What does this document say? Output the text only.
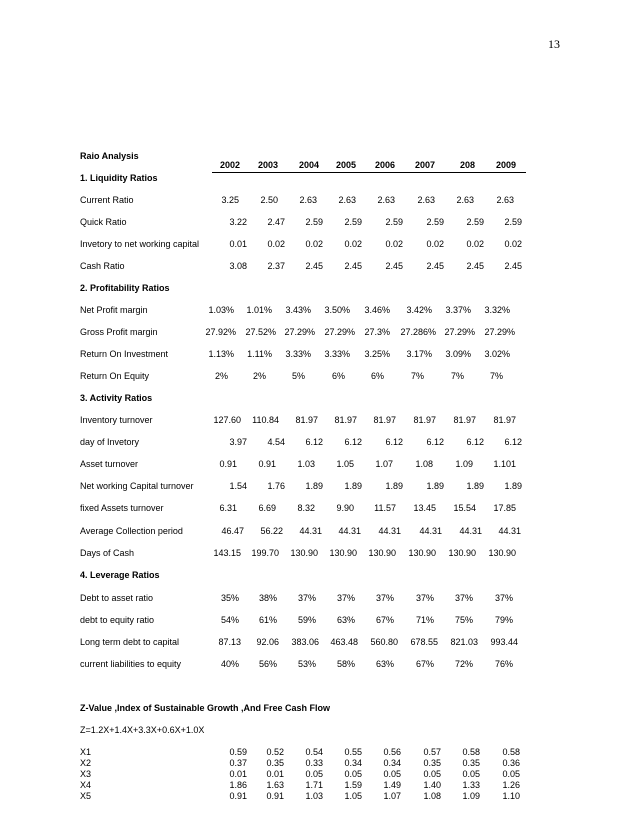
13
Raio Analysis
2002	2003	2004	2005	2006	2007	208	2009
1. Liquidity Ratios
Current Ratio	3.25	2.50	2.63	2.63	2.63	2.63	2.63	2.63
Quick Ratio	3.22	2.47	2.59	2.59	2.59	2.59	2.59	2.59
Invetory to net working capital	0.01	0.02	0.02	0.02	0.02	0.02	0.02	0.02
Cash Ratio	3.08	2.37	2.45	2.45	2.45	2.45	2.45	2.45
2. Profitability Ratios
Net Profit margin	1.03%	1.01%	3.43%	3.50%	3.46%	3.42%	3.37%	3.32%
Gross Profit margin	27.92%	27.52% 27.29%	27.29%	27.3%	27.286% 27.29%	27.29%
Return On Investment	1.13%	1.11%	3.33%	3.33%	3.25%	3.17%	3.09%	3.02%
Return On Equity	2%	2%	5%	6%	6%	7%	7%	7%
3. Activity Ratios
Inventory turnover	127.60	110.84	81.97	81.97	81.97	81.97	81.97	81.97
day of Invetory	3.97	4.54	6.12	6.12	6.12	6.12	6.12	6.12
Asset turnover	0.91	0.91	1.03	1.05	1.07	1.08	1.09	1.101
Net working Capital turnover	1.54	1.76	1.89	1.89	1.89	1.89	1.89	1.89
fixed Assets turnover	6.31	6.69	8.32	9.90	11.57	13.45	15.54	17.85
Average Collection period	46.47	56.22	44.31	44.31	44.31	44.31	44.31	44.31
Days of Cash	143.15	199.70	130.90	130.90	130.90	130.90	130.90	130.90
4. Leverage Ratios
Debt to asset ratio	35%	38%	37%	37%	37%	37%	37%	37%
debt to equity ratio	54%	61%	59%	63%	67%	71%	75%	79%
Long term debt to capital	87.13	92.06	383.06	463.48	560.80	678.55	821.03	993.44
current liabilities to equity	40%	56%	53%	58%	63%	67%	72%	76%
Z-Value ,Index of Sustainable Growth ,And Free Cash Flow
Z=1.2X+1.4X+3.3X+0.6X+1.0X
X1	0.59	0.52	0.54	0.55	0.56	0.57	0.58	0.58
X2	0.37	0.35	0.33	0.34	0.34	0.35	0.35	0.36
X3	0.01	0.01	0.05	0.05	0.05	0.05	0.05	0.05
X4	1.86	1.63	1.71	1.59	1.49	1.40	1.33	1.26
X5	0.91	0.91	1.03	1.05	1.07	1.08	1.09	1.10
